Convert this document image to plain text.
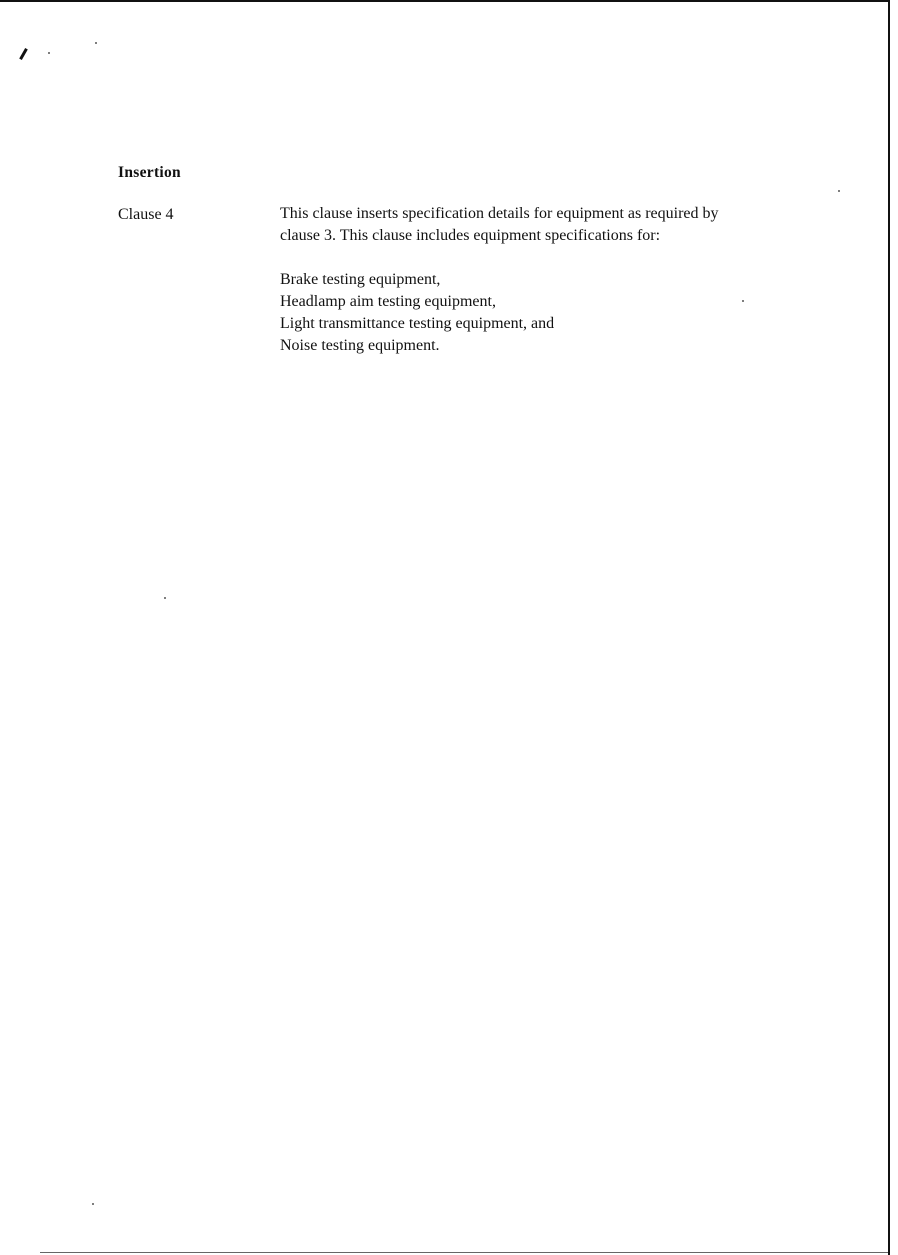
Insertion
Clause 4	This clause inserts specification details for equipment as required by

clause 3. This clause includes equipment specifications for:

Brake testing equipment,
Headlamp aim testing equipment,
Light transmittance testing equipment, and
Noise testing equipment.
